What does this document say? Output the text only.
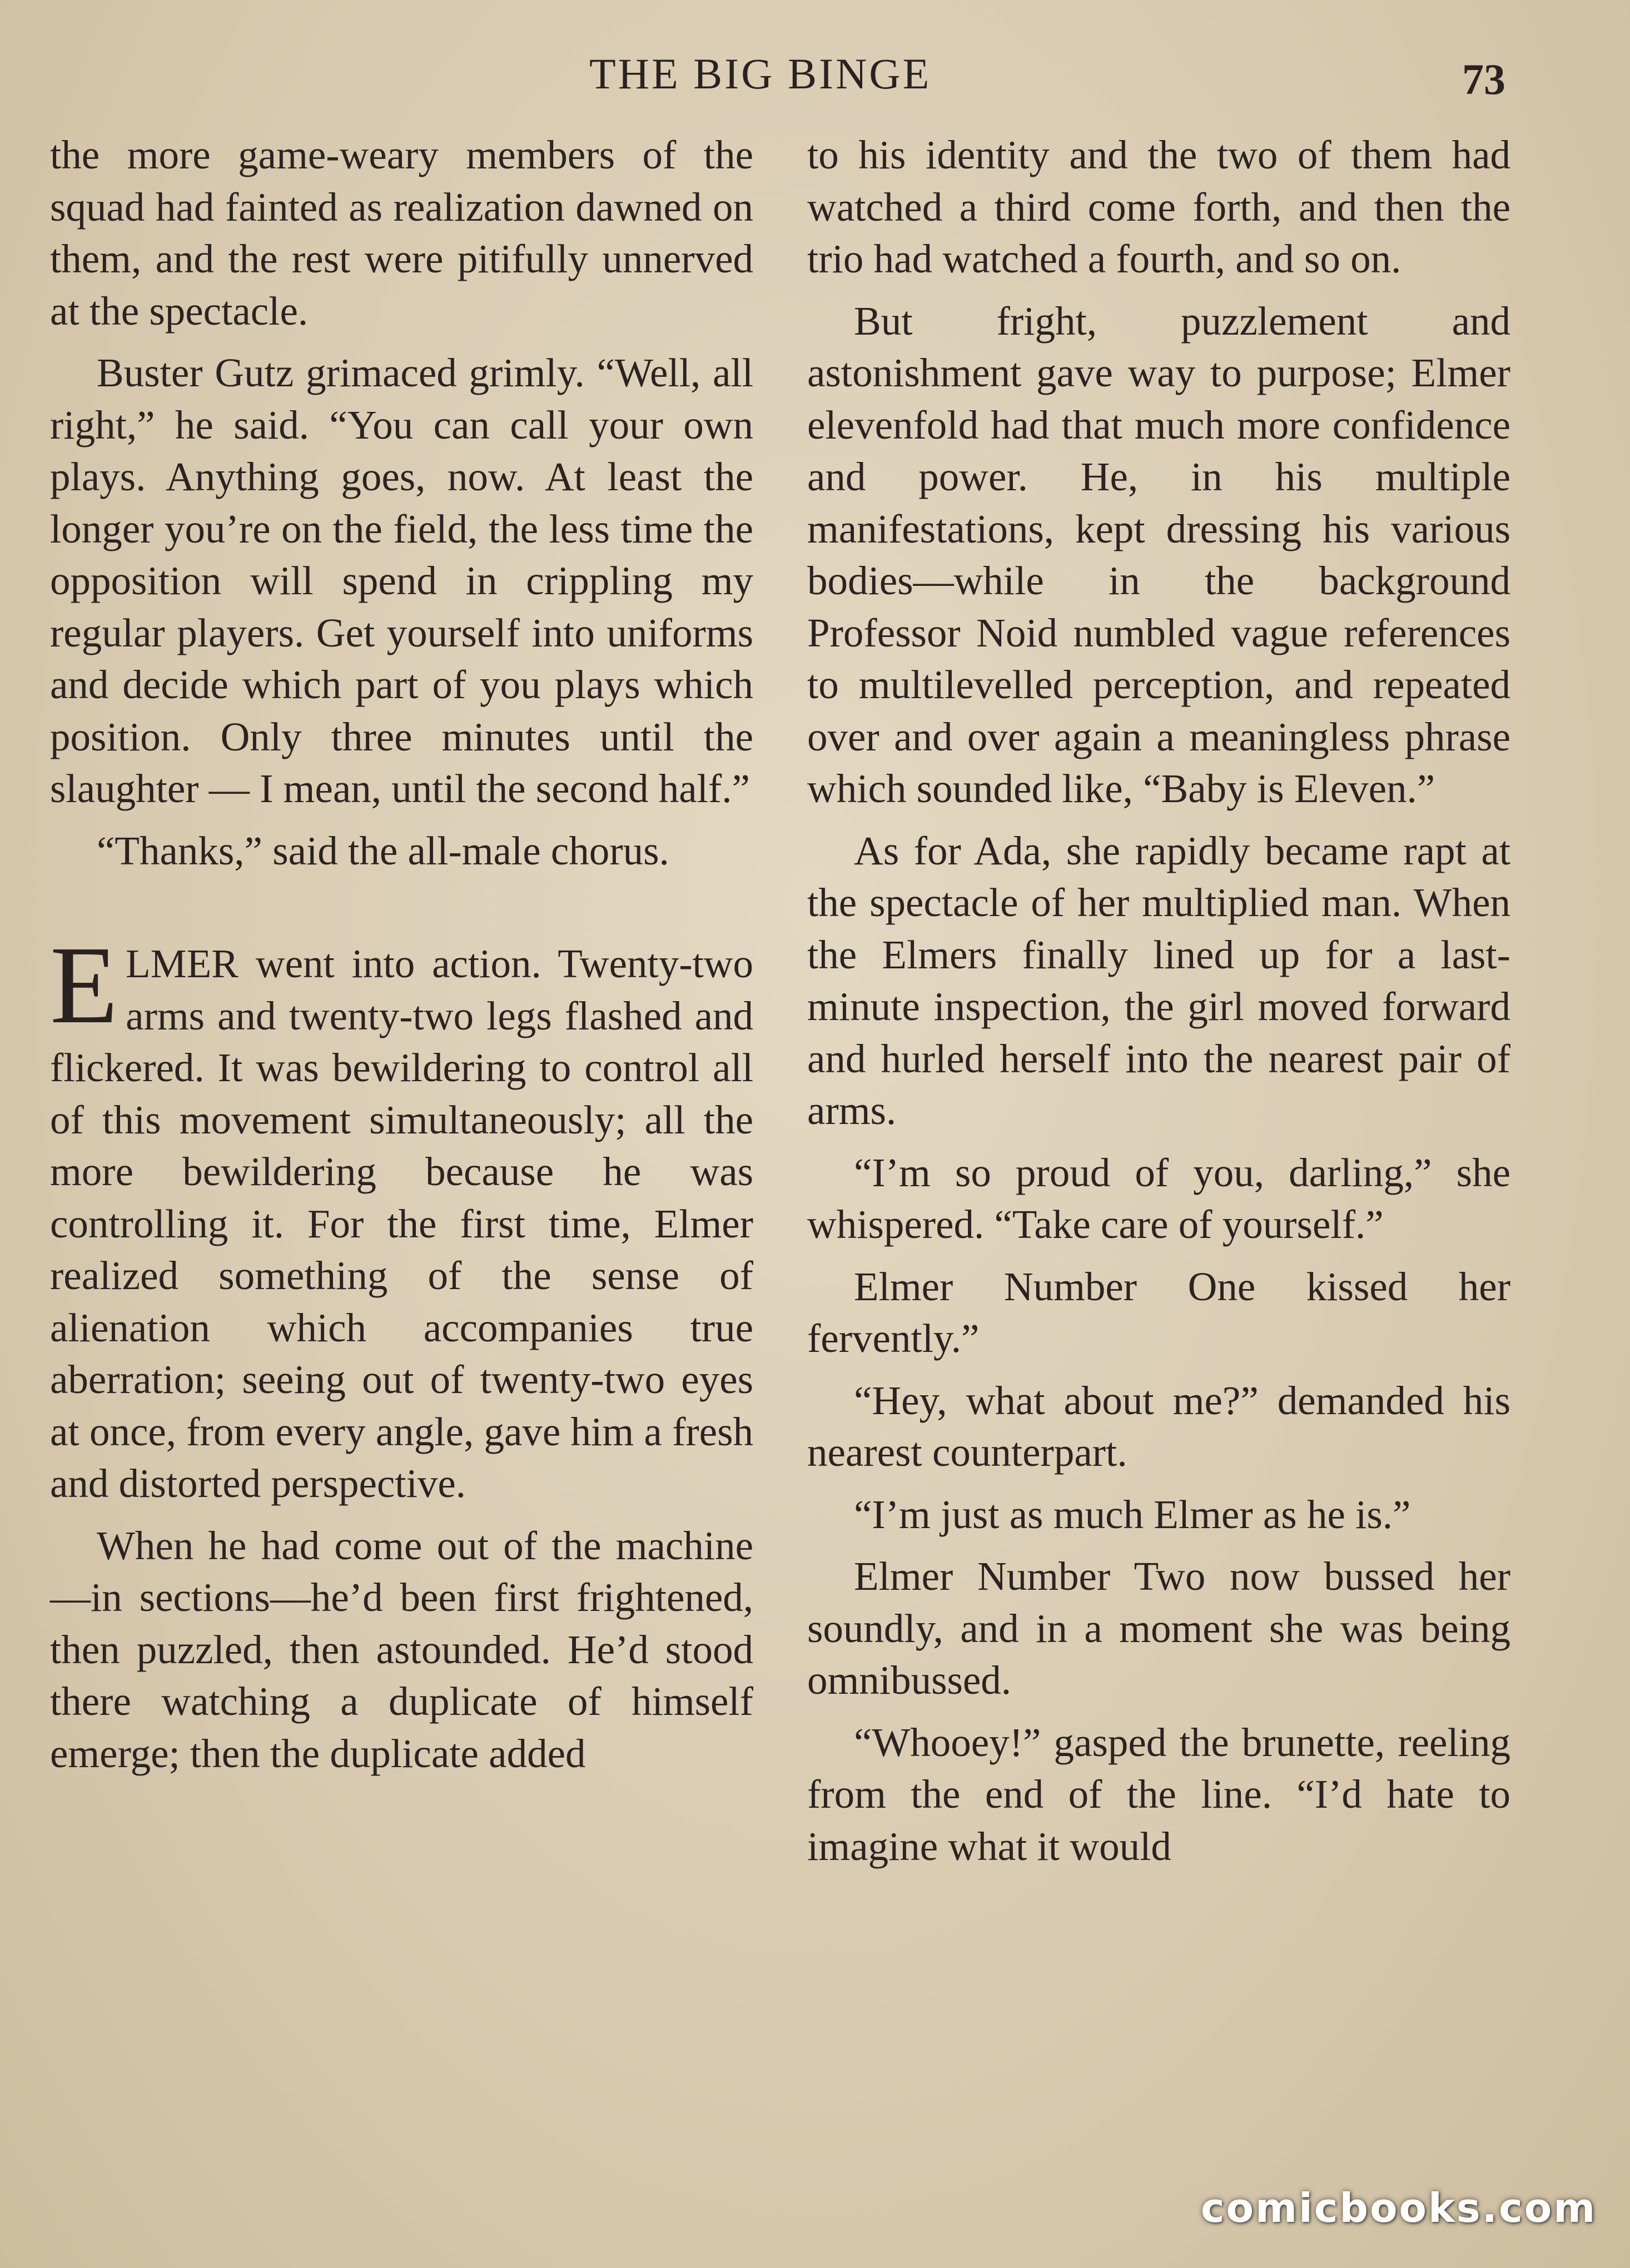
THE BIG BINGE	73

the more game-weary members of the squad had fainted as realization dawned on them, and the rest were pitifully unnerved at the spectacle.

Buster Gutz grimaced grimly. “Well, all right,” he said. “You can call your own plays. Anything goes, now. At least the longer you’re on the field, the less time the opposition will spend in crippling my regular players. Get yourself into uniforms and decide which part of you plays which position. Only three minutes until the slaughter — I mean, until the second half.”

“Thanks,” said the all-male chorus.

ELMER went into action. Twenty-two arms and twenty-two legs flashed and flickered. It was bewildering to control all of this movement simultaneously; all the more bewildering because he was controlling it. For the first time, Elmer realized something of the sense of alienation which accompanies true aberration; seeing out of twenty-two eyes at once, from every angle, gave him a fresh and distorted perspective.

When he had come out of the machine—in sections—he’d been first frightened, then puzzled, then astounded. He’d stood there watching a duplicate of himself emerge; then the duplicate added

to his identity and the two of them had watched a third come forth, and then the trio had watched a fourth, and so on.

But fright, puzzlement and astonishment gave way to purpose; Elmer elevenfold had that much more confidence and power. He, in his multiple manifestations, kept dressing his various bodies—while in the background Professor Noid numbled vague references to multilevelled perception, and repeated over and over again a meaningless phrase which sounded like, “Baby is Eleven.”

As for Ada, she rapidly became rapt at the spectacle of her multiplied man. When the Elmers finally lined up for a last-minute inspection, the girl moved forward and hurled herself into the nearest pair of arms.

“I’m so proud of you, darling,” she whispered. “Take care of yourself.”

Elmer Number One kissed her fervently.”

“Hey, what about me?” demanded his nearest counterpart.

“I’m just as much Elmer as he is.”

Elmer Number Two now bussed her soundly, and in a moment she was being omnibussed.

“Whooey!” gasped the brunette, reeling from the end of the line. “I’d hate to imagine what it would

comicbooks.com
